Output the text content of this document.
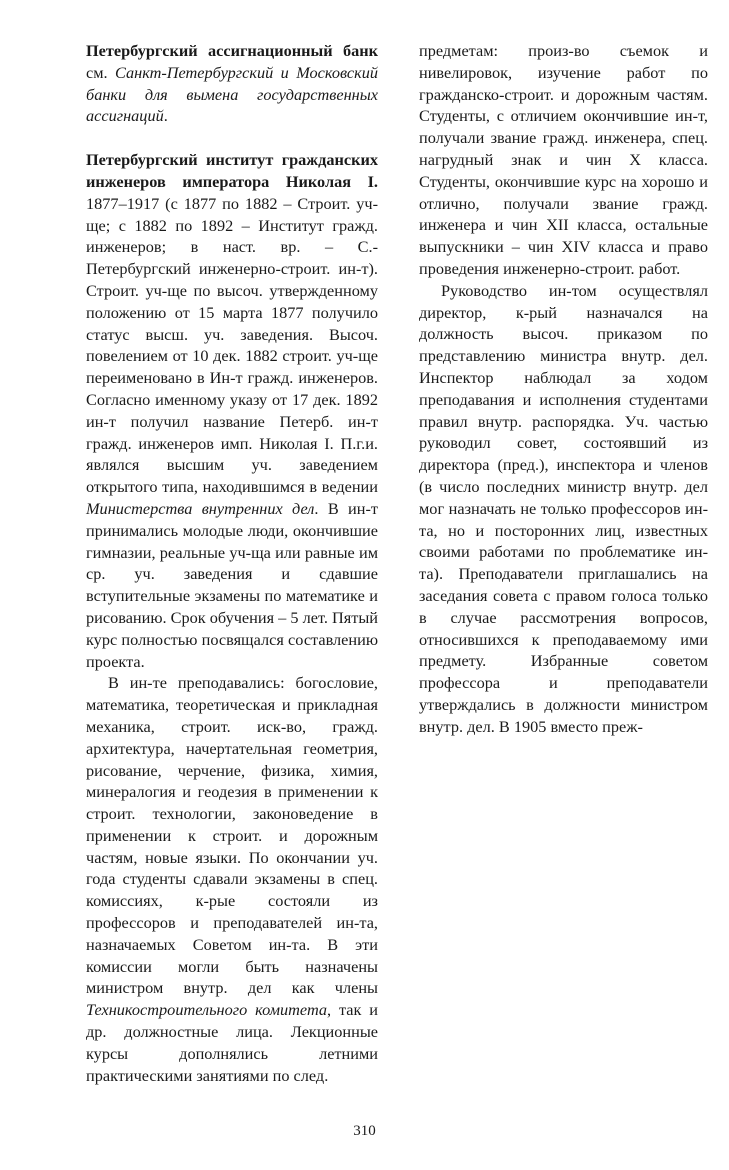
Петербургский ассигнационный банк см. Санкт-Петербургский и Московский банки для вымена государственных ассигнаций.

Петербургский институт гражданских инженеров императора Николая I. 1877–1917 (с 1877 по 1882 – Строит. уч-ще; с 1882 по 1892 – Институт гражд. инженеров; в наст. вр. – С.-Петербургский инженерно-строит. ин-т). Строит. уч-ще по высоч. утвержденному положению от 15 марта 1877 получило статус высш. уч. заведения. Высоч. повелением от 10 дек. 1882 строит. уч-ще переименовано в Ин-т гражд. инженеров. Согласно именному указу от 17 дек. 1892 ин-т получил название Петерб. ин-т гражд. инженеров имп. Николая I. П.г.и. являлся высшим уч. заведением открытого типа, находившимся в ведении Министерства внутренних дел. В ин-т принимались молодые люди, окончившие гимназии, реальные уч-ща или равные им ср. уч. заведения и сдавшие вступительные экзамены по математике и рисованию. Срок обучения – 5 лет. Пятый курс полностью посвящался составлению проекта.

В ин-те преподавались: богословие, математика, теоретическая и прикладная механика, строит. иск-во, гражд. архитектура, начертательная геометрия, рисование, черчение, физика, химия, минералогия и геодезия в применении к строит. технологии, законоведение в применении к строит. и дорожным частям, новые языки. По окончании уч. года студенты сдавали экзамены в спец. комиссиях, к-рые состояли из профессоров и преподавателей ин-та, назначаемых Советом ин-та. В эти комиссии могли быть назначены министром внутр. дел как члены Техникостроительного комитета, так и др. должностные лица. Лекционные курсы дополнялись летними практическими занятиями по след.

предметам: произ-во съемок и нивелировок, изучение работ по гражданско-строит. и дорожным частям. Студенты, с отличием окончившие ин-т, получали звание гражд. инженера, спец. нагрудный знак и чин X класса. Студенты, окончившие курс на хорошо и отлично, получали звание гражд. инженера и чин XII класса, остальные выпускники – чин XIV класса и право проведения инженерно-строит. работ.

Руководство ин-том осуществлял директор, к-рый назначался на должность высоч. приказом по представлению министра внутр. дел. Инспектор наблюдал за ходом преподавания и исполнения студентами правил внутр. распорядка. Уч. частью руководил совет, состоявший из директора (пред.), инспектора и членов (в число последних министр внутр. дел мог назначать не только профессоров ин-та, но и посторонних лиц, известных своими работами по проблематике ин-та). Преподаватели приглашались на заседания совета с правом голоса только в случае рассмотрения вопросов, относившихся к преподаваемому ими предмету. Избранные советом профессора и преподаватели утверждались в должности министром внутр. дел. В 1905 вместо преж-

310
